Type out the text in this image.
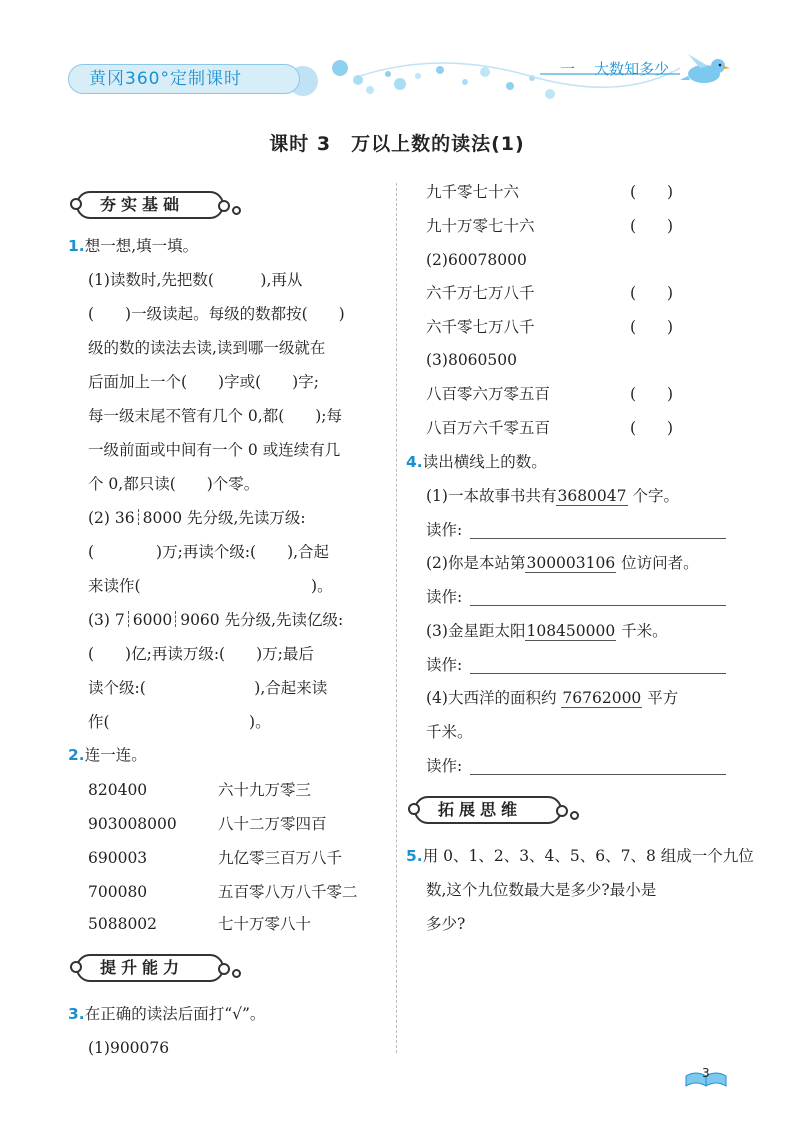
黄冈360°定制课时	一 大数知多少
课时 3　万以上数的读法(1)
夯实基础
1.想一想,填一填。
(1)读数时,先把数(　　　),再从
(　　)一级读起。每级的数都按(　　)
级的数的读法去读,读到哪一级就在
后面加上一个(　　)字或(　　)字;
每一级末尾不管有几个 0,都(　　);每
一级前面或中间有一个 0 或连续有几
个 0,都只读(　　)个零。
(2) 36 8000 先分级,先读万级:
(　　　　)万;再读个级:(　　),合起
来读作(　　　　　　　　　　　)。
(3) 7 6000 9060 先分级,先读亿级:
(　　)亿;再读万级:(　　)万;最后
读个级:(　　　　　　　),合起来读
作(　　　　　　　　　)。
2.连一连。
820400
903008000
690003
700080
5088002
六十九万零三
八十二万零四百
九亿零三百万八千
五百零八万八千零二
七十万零八十
提升能力
3.在正确的读法后面打“√”。
(1)900076
九千零七十六	(　　)
九十万零七十六	(　　)
(2)60078000
六千万七万八千	(　　)
六千零七万八千	(　　)
(3)8060500
八百零六万零五百	(　　)
八百万六千零五百	(　　)
4.读出横线上的数。
(1)一本故事书共有3680047 个字。
读作:
(2)你是本站第300003106 位访问者。
读作:
(3)金星距太阳108450000 千米。
读作:
(4)大西洋的面积约 76762000 平方
千米。
读作:
拓展思维
5.用 0、1、2、3、4、5、6、7、8 组成一个九位
数,这个九位数最大是多少?最小是
多少?
3
